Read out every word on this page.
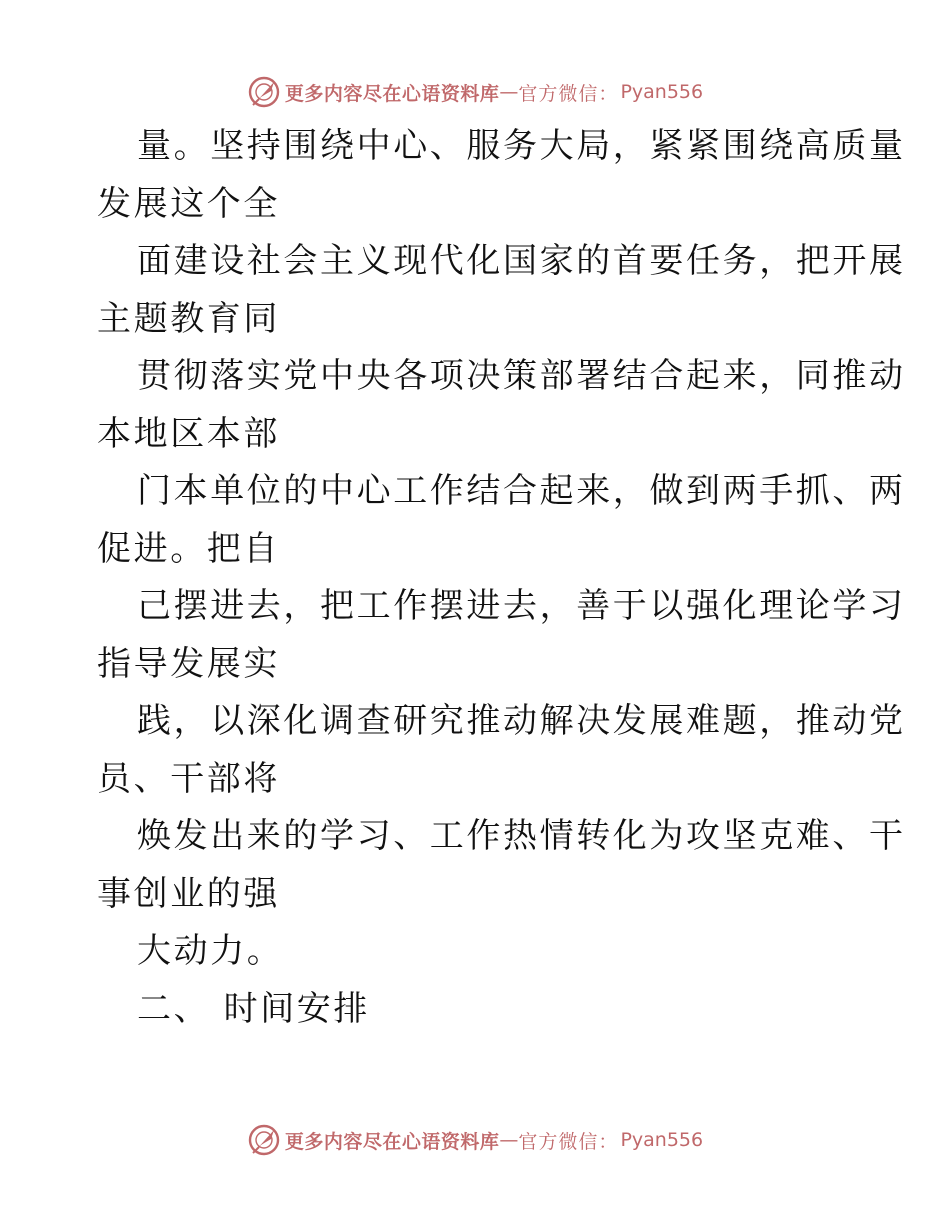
更多内容尽在心语资料库 — 官方微信： Pyan556
量。坚持围绕中心、服务大局，紧紧围绕高质量
发展这个全
面建设社会主义现代化国家的首要任务，把开展
主题教育同
贯彻落实党中央各项决策部署结合起来，同推动
本地区本部
门本单位的中心工作结合起来，做到两手抓、两
促进。把自
己摆进去，把工作摆进去，善于以强化理论学习
指导发展实
践，以深化调查研究推动解决发展难题，推动党
员、干部将
焕发出来的学习、工作热情转化为攻坚克难、干
事创业的强
大动力。
二、 时间安排
更多内容尽在心语资料库 — 官方微信： Pyan556
